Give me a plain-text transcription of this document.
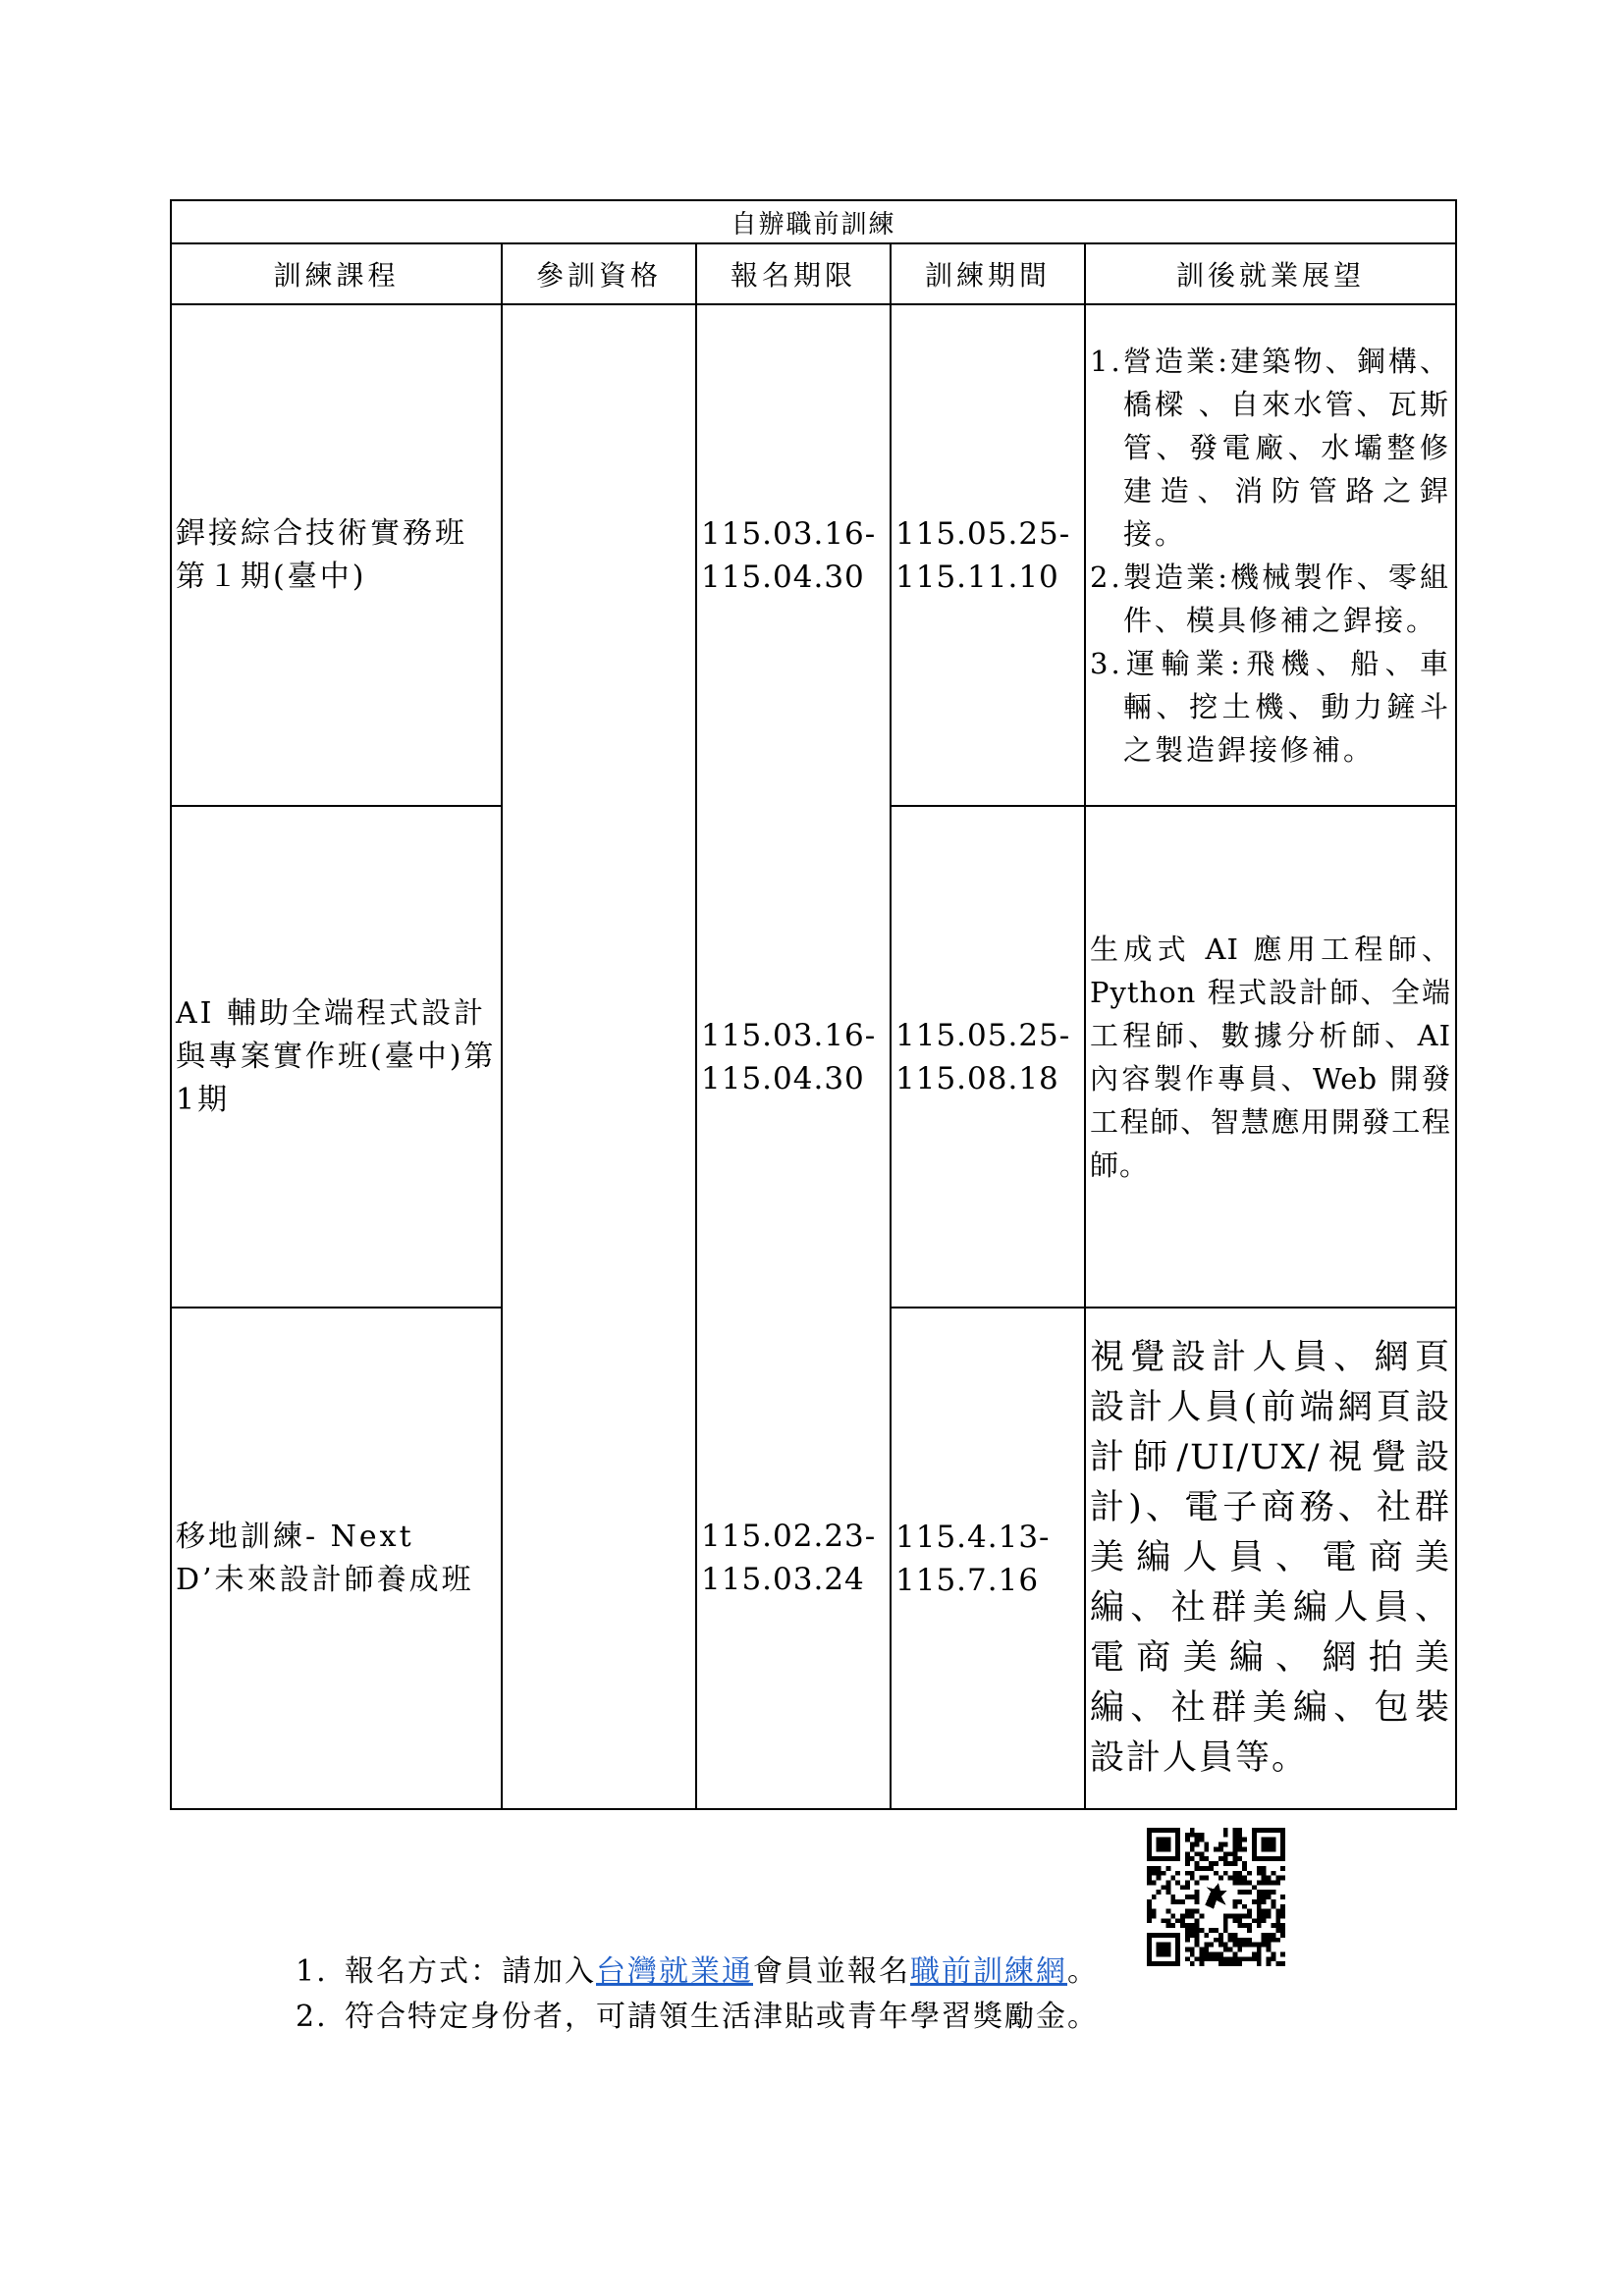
自辦職前訓練				
訓練課程	參訓資格	報名期限	訓練期間	訓後就業展望
銲接綜合技術實務班第１期(臺中)		115.03.16-115.04.30	115.05.25-115.11.10	1.營造業:建築物、鋼構、橋樑 、自來水管、瓦斯管、發電廠、水壩整修建造、消防管路之銲接。
2.製造業:機械製作、零組件、模具修補之銲接。
3.運輸業:飛機、船、車輛、挖土機、動力鏟斗之製造銲接修補。

AI 輔助全端程式設計與專案實作班(臺中)第 1期		115.03.16-115.04.30	115.05.25-115.08.18	生成式 AI 應用工程師、Python 程式設計師、全端工程師、數據分析師、AI 內容製作專員、Web 開發工程師、智慧應用開發工程師。
移地訓練- Next D’未來設計師養成班		115.02.23-115.03.24	115.4.13-115.7.16	視覺設計人員、網頁設計人員(前端網頁設計師/UI/UX/視覺設計)、電子商務、社群美編人員、電商美編、社群美編人員、電商美編、網拍美編、社群美編、包裝設計人員等。
1. 報名方式：請加入台灣就業通會員並報名職前訓練網。
2. 符合特定身份者，可請領生活津貼或青年學習獎勵金。
